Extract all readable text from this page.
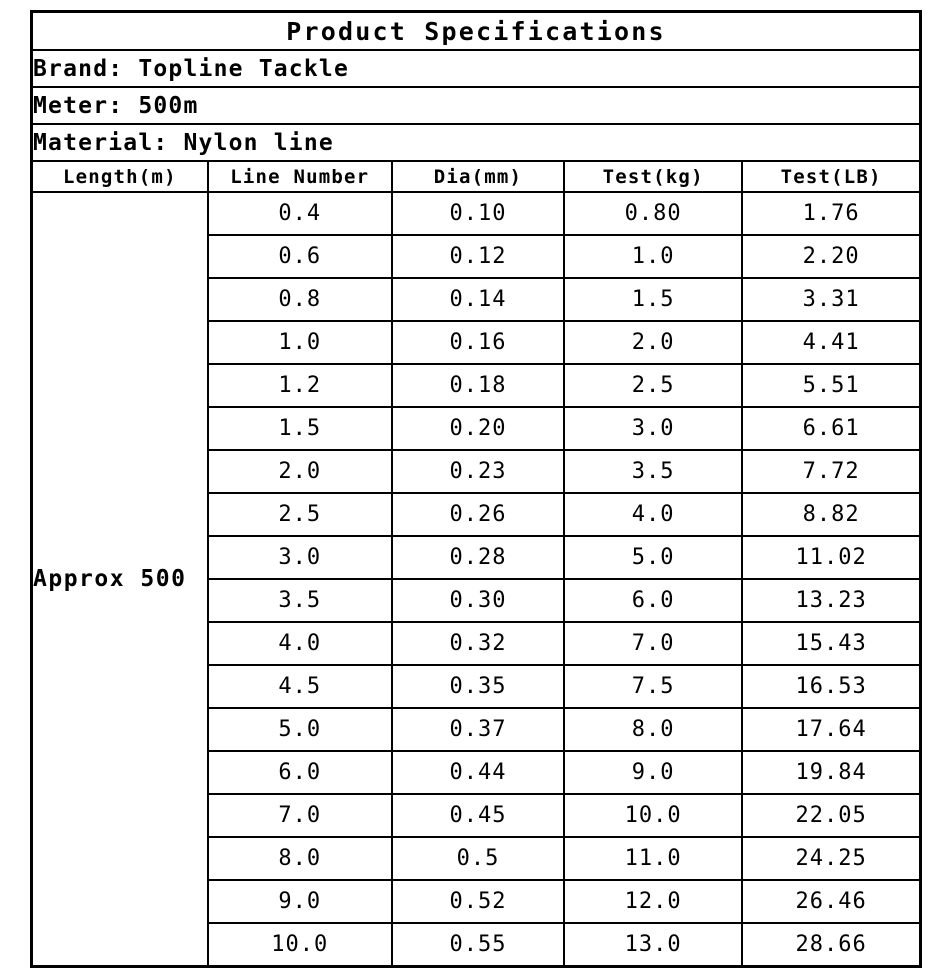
Product Specifications				
Brand: Topline Tackle				
Meter: 500m				
Material: Nylon line				
Length(m)	Line Number	Dia(mm)	Test(kg)	Test(LB)
Approx 500	0.4	0.10	0.80	1.76
	0.6	0.12	1.0	2.20
	0.8	0.14	1.5	3.31
	1.0	0.16	2.0	4.41
	1.2	0.18	2.5	5.51
	1.5	0.20	3.0	6.61
	2.0	0.23	3.5	7.72
	2.5	0.26	4.0	8.82
	3.0	0.28	5.0	11.02
	3.5	0.30	6.0	13.23
	4.0	0.32	7.0	15.43
	4.5	0.35	7.5	16.53
	5.0	0.37	8.0	17.64
	6.0	0.44	9.0	19.84
	7.0	0.45	10.0	22.05
	8.0	0.5	11.0	24.25
	9.0	0.52	12.0	26.46
	10.0	0.55	13.0	28.66
